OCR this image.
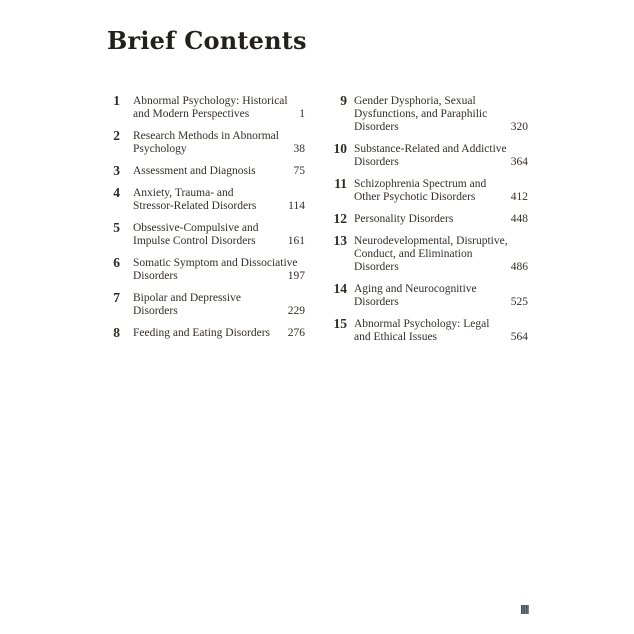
Brief Contents
1 Abnormal Psychology: Historical
and Modern Perspectives	1
2 Research Methods in Abnormal
Psychology	38
3 Assessment and Diagnosis	75
4 Anxiety, Trauma- and
Stressor-Related Disorders	114
5 Obsessive-Compulsive and
Impulse Control Disorders	161
6 Somatic Symptom and Dissociative
Disorders	197
7 Bipolar and Depressive
Disorders	229
8 Feeding and Eating Disorders	276
9 Gender Dysphoria, Sexual
Dysfunctions, and Paraphilic
Disorders	320
10 Substance-Related and Addictive
Disorders	364
11 Schizophrenia Spectrum and
Other Psychotic Disorders	412
12 Personality Disorders	448
13 Neurodevelopmental, Disruptive,
Conduct, and Elimination
Disorders	486
14 Aging and Neurocognitive
Disorders	525
15 Abnormal Psychology: Legal
and Ethical Issues	564
